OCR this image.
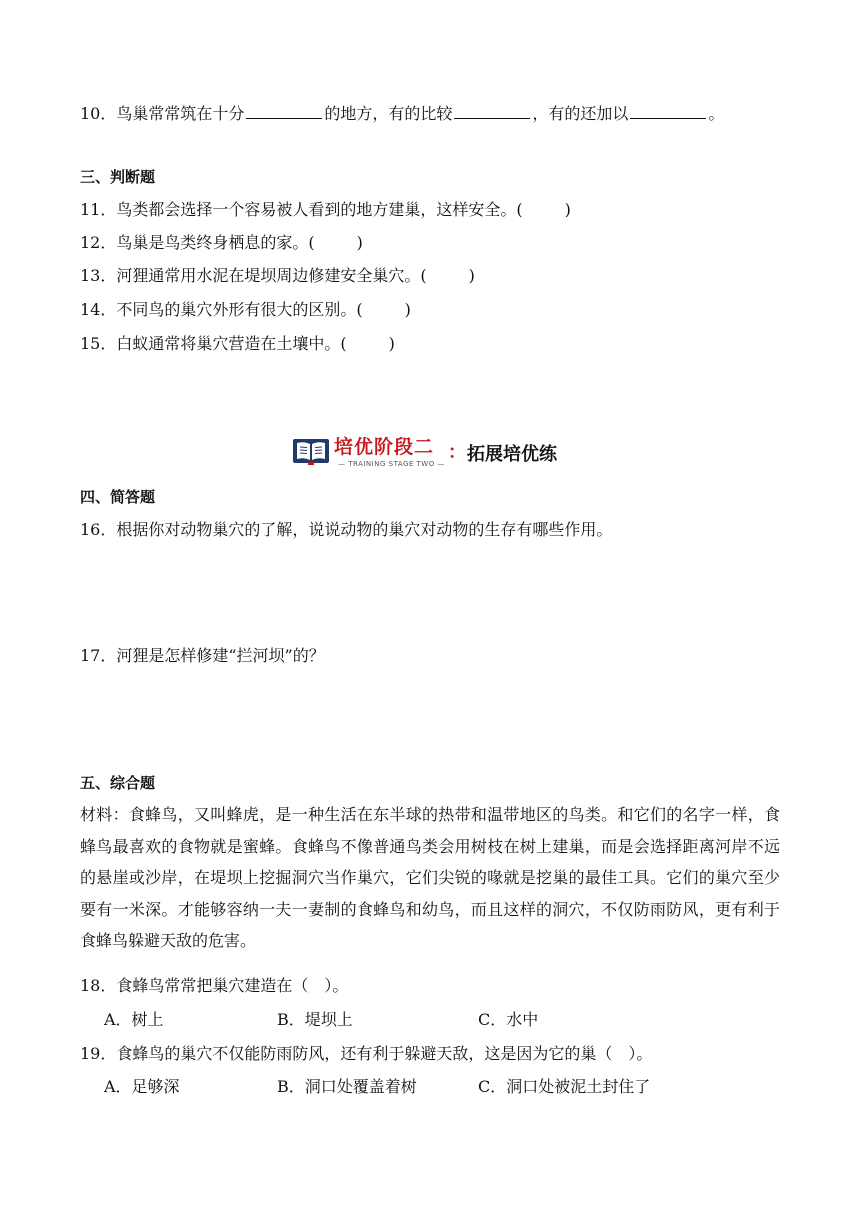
10．鸟巢常常筑在十分	的地方，有的比较	，有的还加以	。
三、判断题
11．鸟类都会选择一个容易被人看到的地方建巢，这样安全。(	)
12．鸟巢是鸟类终身栖息的家。(	)
13．河狸通常用水泥在堤坝周边修建安全巢穴。(	)
14．不同鸟的巢穴外形有很大的区别。(	)
15．白蚁通常将巢穴营造在土壤中。(	)
培优阶段二
— TRAINING STAGE TWO —
： 拓展培优练
四、简答题
16．根据你对动物巢穴的了解，说说动物的巢穴对动物的生存有哪些作用。
17．河狸是怎样修建“拦河坝”的？
五、综合题
材料：食蜂鸟，又叫蜂虎，是一种生活在东半球的热带和温带地区的鸟类。和它们的名字一样，食蜂鸟最喜欢的食物就是蜜蜂。食蜂鸟不像普通鸟类会用树枝在树上建巢，而是会选择距离河岸不远的悬崖或沙岸，在堤坝上挖掘洞穴当作巢穴，它们尖锐的喙就是挖巢的最佳工具。它们的巢穴至少要有一米深。才能够容纳一夫一妻制的食蜂鸟和幼鸟，而且这样的洞穴，不仅防雨防风，更有利于食蜂鸟躲避天敌的危害。
18．食蜂鸟常常把巢穴建造在（　）。
A．树上	B．堤坝上	C．水中
19．食蜂鸟的巢穴不仅能防雨防风，还有利于躲避天敌，这是因为它的巢（　）。
A．足够深	B．洞口处覆盖着树	C．洞口处被泥土封住了
